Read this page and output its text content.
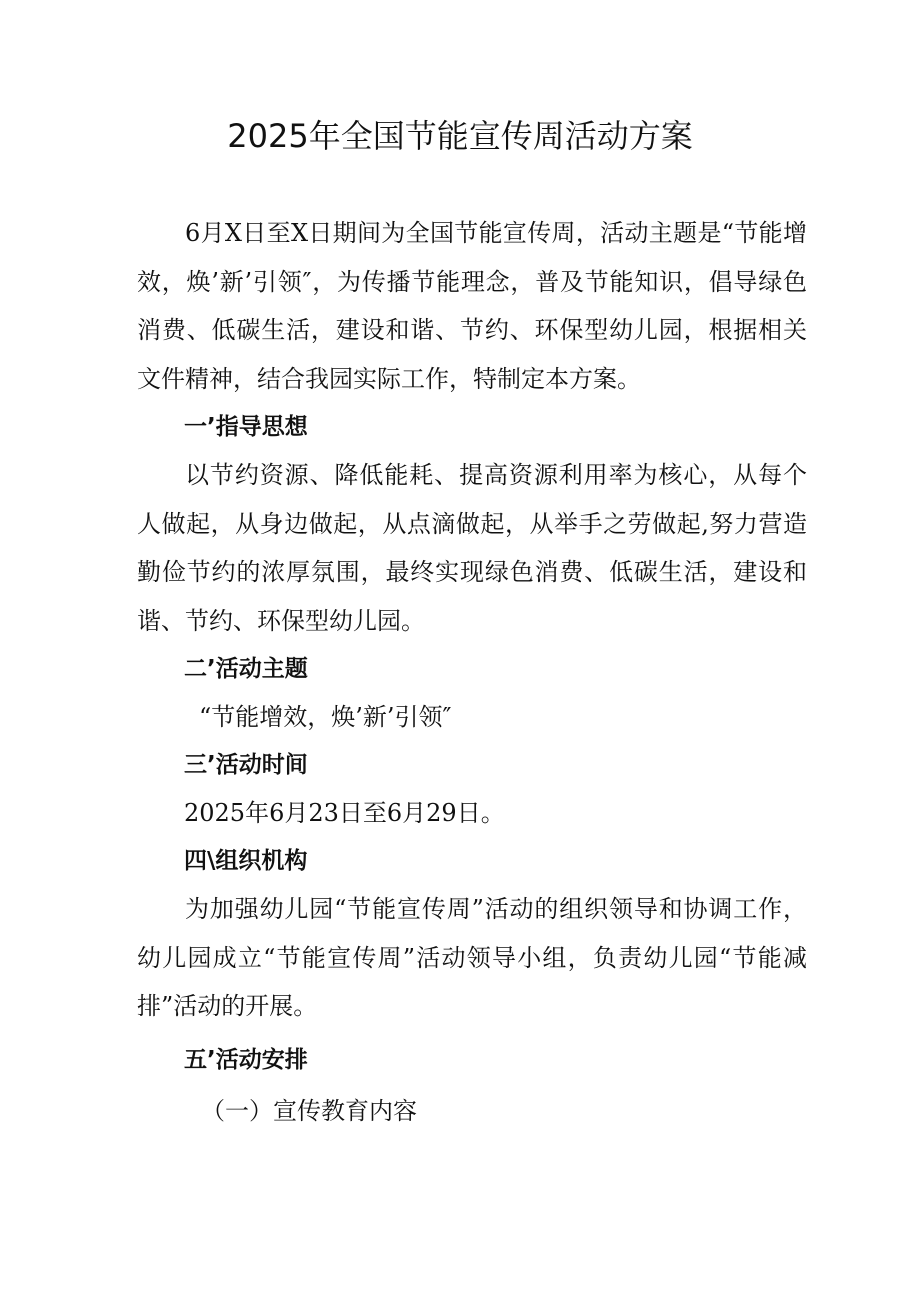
2025年全国节能宣传周活动方案

6月X日至X日期间为全国节能宣传周，活动主题是“节能增效，焕’新’引领″，为传播节能理念，普及节能知识，倡导绿色消费、低碳生活，建设和谐、节约、环保型幼儿园，根据相关文件精神，结合我园实际工作，特制定本方案。

一’指导思想

以节约资源、降低能耗、提高资源利用率为核心，从每个人做起，从身边做起，从点滴做起，从举手之劳做起,努力营造勤俭节约的浓厚氛围，最终实现绿色消费、低碳生活，建设和谐、节约、环保型幼儿园。

二’活动主题

“节能增效，焕’新’引领″

三’活动时间

2025年6月23日至6月29日。

四\组织机构

为加强幼儿园“节能宣传周”活动的组织领导和协调工作，幼儿园成立“节能宣传周”活动领导小组，负责幼儿园“节能减排”活动的开展。

五’活动安排

（一）宣传教育内容
